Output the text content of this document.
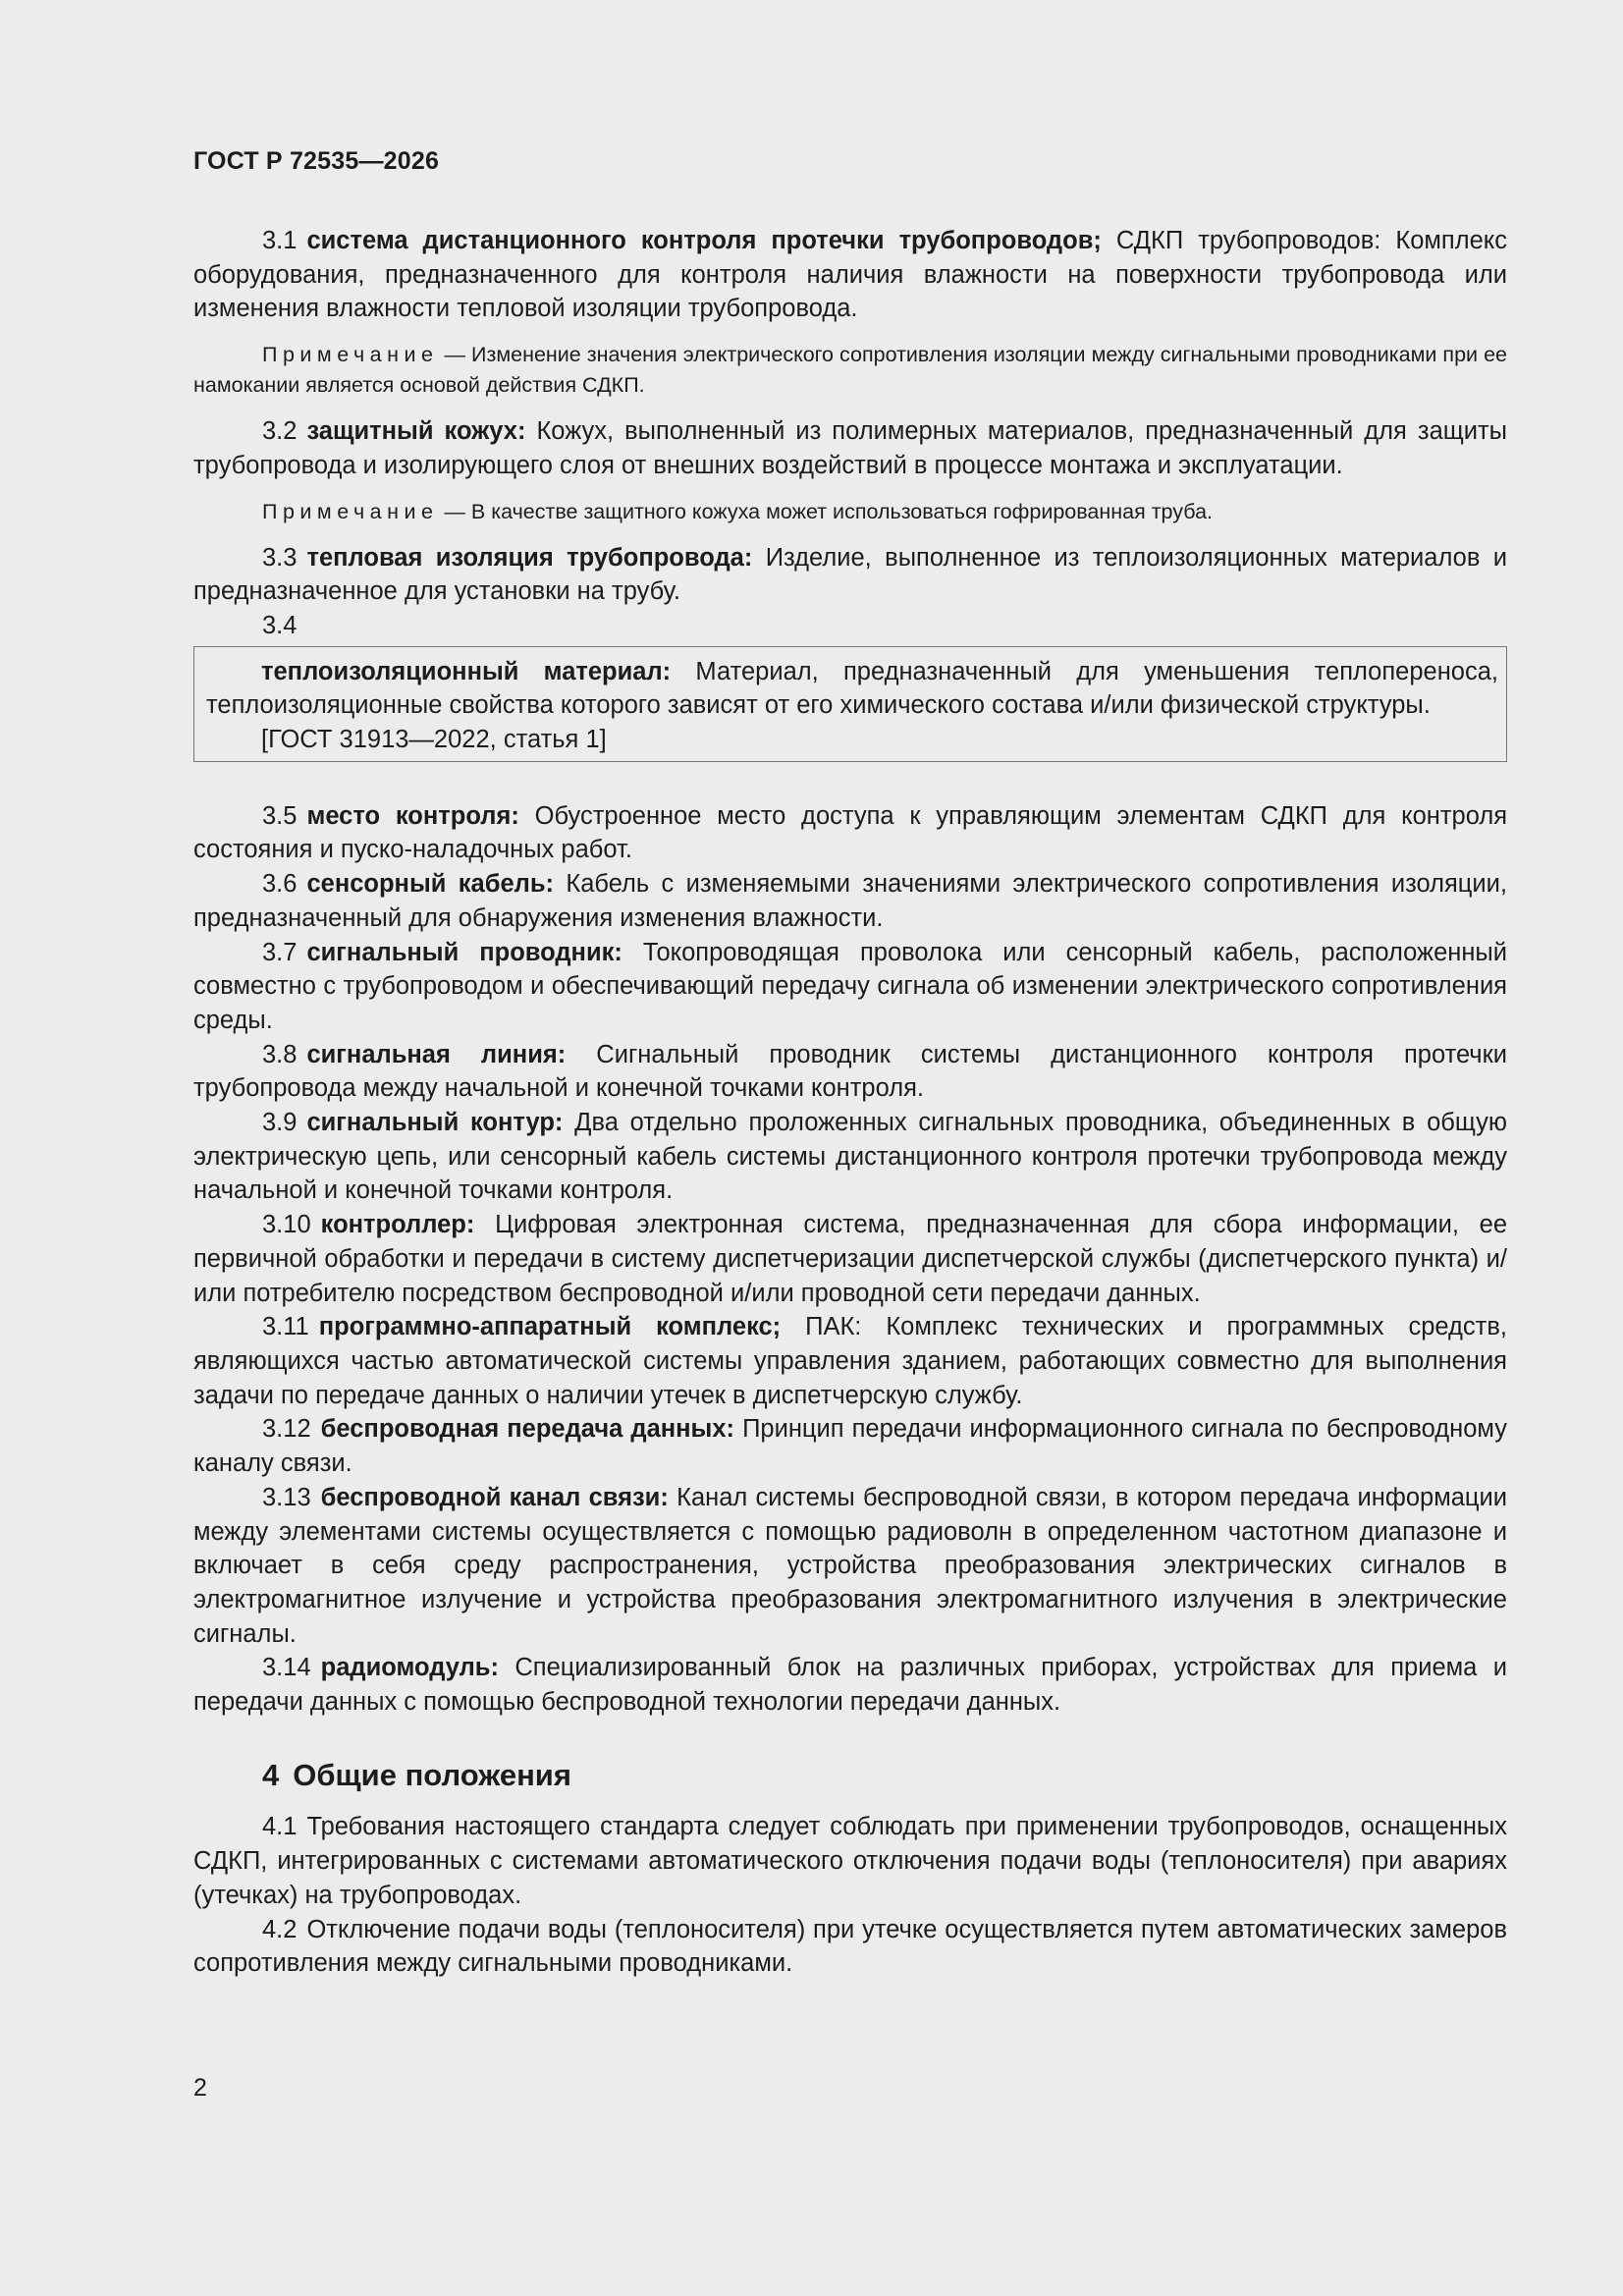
ГОСТ Р 72535—2026

3.1 система дистанционного контроля протечки трубопроводов; СДКП трубопроводов: Комплекс оборудования, предназначенного для контроля наличия влажности на поверхности трубопровода или изменения влажности тепловой изоляции трубопровода.

Примечание — Изменение значения электрического сопротивления изоляции между сигнальными проводниками при ее намокании является основой действия СДКП.

3.2 защитный кожух: Кожух, выполненный из полимерных материалов, предназначенный для защиты трубопровода и изолирующего слоя от внешних воздействий в процессе монтажа и эксплуатации.

Примечание — В качестве защитного кожуха может использоваться гофрированная труба.

3.3 тепловая изоляция трубопровода: Изделие, выполненное из теплоизоляционных материалов и предназначенное для установки на трубу.

3.4

теплоизоляционный материал: Материал, предназначенный для уменьшения теплопереноса, теплоизоляционные свойства которого зависят от его химического состава и/или физической структуры.

[ГОСТ 31913—2022, статья 1]

3.5 место контроля: Обустроенное место доступа к управляющим элементам СДКП для контроля состояния и пуско-наладочных работ.

3.6 сенсорный кабель: Кабель с изменяемыми значениями электрического сопротивления изоляции, предназначенный для обнаружения изменения влажности.

3.7 сигнальный проводник: Токопроводящая проволока или сенсорный кабель, расположенный совместно с трубопроводом и обеспечивающий передачу сигнала об изменении электрического сопротивления среды.

3.8 сигнальная линия: Сигнальный проводник системы дистанционного контроля протечки трубопровода между начальной и конечной точками контроля.

3.9 сигнальный контур: Два отдельно проложенных сигнальных проводника, объединенных в общую электрическую цепь, или сенсорный кабель системы дистанционного контроля протечки трубопровода между начальной и конечной точками контроля.

3.10 контроллер: Цифровая электронная система, предназначенная для сбора информации, ее первичной обработки и передачи в систему диспетчеризации диспетчерской службы (диспетчерского пункта) и/или потребителю посредством беспроводной и/или проводной сети передачи данных.

3.11 программно-аппаратный комплекс; ПАК: Комплекс технических и программных средств, являющихся частью автоматической системы управления зданием, работающих совместно для выполнения задачи по передаче данных о наличии утечек в диспетчерскую службу.

3.12 беспроводная передача данных: Принцип передачи информационного сигнала по беспроводному каналу связи.

3.13 беспроводной канал связи: Канал системы беспроводной связи, в котором передача информации между элементами системы осуществляется с помощью радиоволн в определенном частотном диапазоне и включает в себя среду распространения, устройства преобразования электрических сигналов в электромагнитное излучение и устройства преобразования электромагнитного излучения в электрические сигналы.

3.14 радиомодуль: Специализированный блок на различных приборах, устройствах для приема и передачи данных с помощью беспроводной технологии передачи данных.

4 Общие положения

4.1 Требования настоящего стандарта следует соблюдать при применении трубопроводов, оснащенных СДКП, интегрированных с системами автоматического отключения подачи воды (теплоносителя) при авариях (утечках) на трубопроводах.

4.2 Отключение подачи воды (теплоносителя) при утечке осуществляется путем автоматических замеров сопротивления между сигнальными проводниками.

2
